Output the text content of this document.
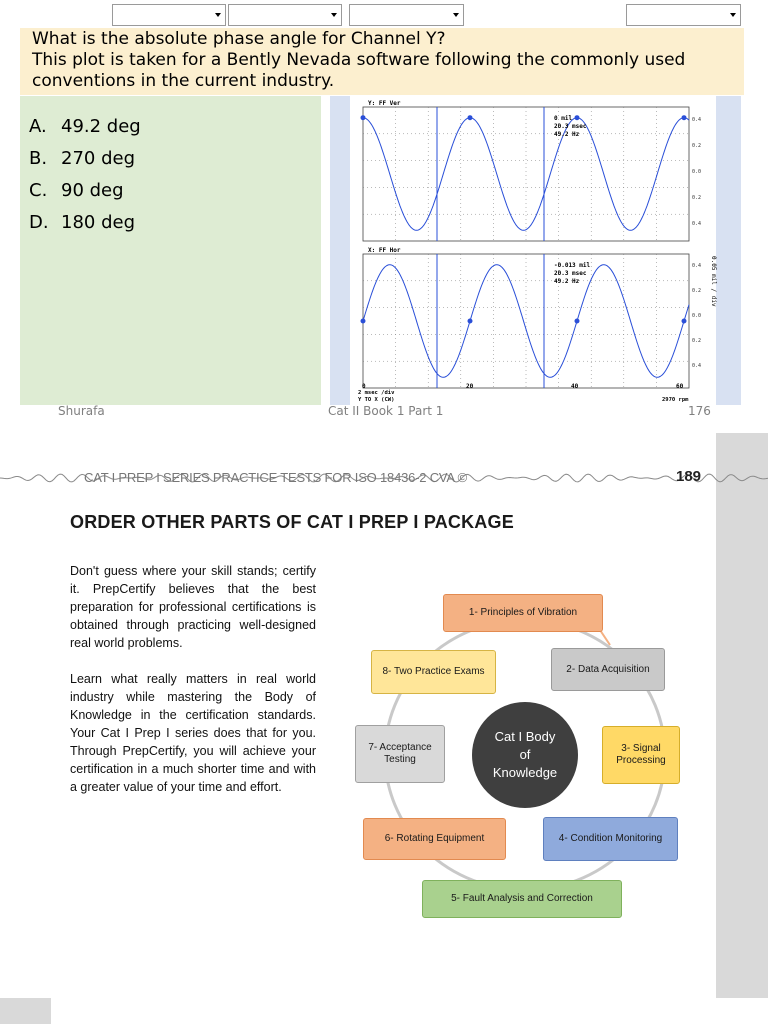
What is the absolute phase angle for Channel Y?

This plot is taken for a Bently Nevada software following the commonly used

conventions in the current industry.

A. 49.2 deg
B. 270 deg
C. 90 deg
D. 180 deg
Y: FF Ver
0 mil
20.3 msec
49.2 Hz
X: FF Hor
-0.013 mil
20.3 msec
49.2 Hz
0.4
0.2
0.0
0.2
0.4
0.4
0.2
0.0
0.2
0.4
0.05 mil / div
0	20	40	60
2 msec /div
Y TO X (CW)	2970 rpm
Shurafa	Cat II Book 1 Part 1	176
CAT I PREP I SERIES PRACTICE TESTS FOR ISO 18436-2 CVA ©	189
ORDER OTHER PARTS OF CAT I PREP I PACKAGE

Don't guess where your skill stands; certify it. PrepCertify believes that the best preparation for professional certifications is obtained through practicing well-designed real world problems.

Learn what really matters in real world industry while mastering the Body of Knowledge in the certification standards. Your Cat I Prep I series does that for you. Through PrepCertify, you will achieve your certification in a much shorter time and with a greater value of your time and effort.

1- Principles of Vibration
2- Data Acquisition
3- Signal Processing
4- Condition Monitoring
5- Fault Analysis and Correction
6- Rotating Equipment
7- Acceptance Testing
8- Two Practice Exams
Cat I Body
of
Knowledge
